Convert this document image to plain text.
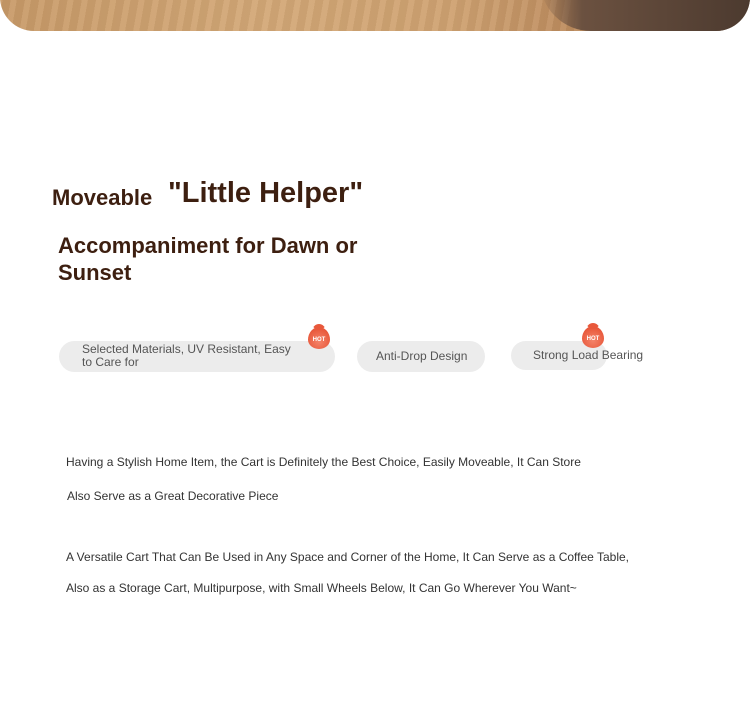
Moveable "Little Helper"
Accompaniment for Dawn or Sunset
Selected Materials, UV Resistant, Easy to Care for
HOT
Anti-Drop Design	Strong Load Bearing
HOT
Having a Stylish Home Item, the Cart is Definitely the Best Choice, Easily Moveable, It Can Store
Also Serve as a Great Decorative Piece
A Versatile Cart That Can Be Used in Any Space and Corner of the Home, It Can Serve as a Coffee Table,
Also as a Storage Cart, Multipurpose, with Small Wheels Below, It Can Go Wherever You Want~
